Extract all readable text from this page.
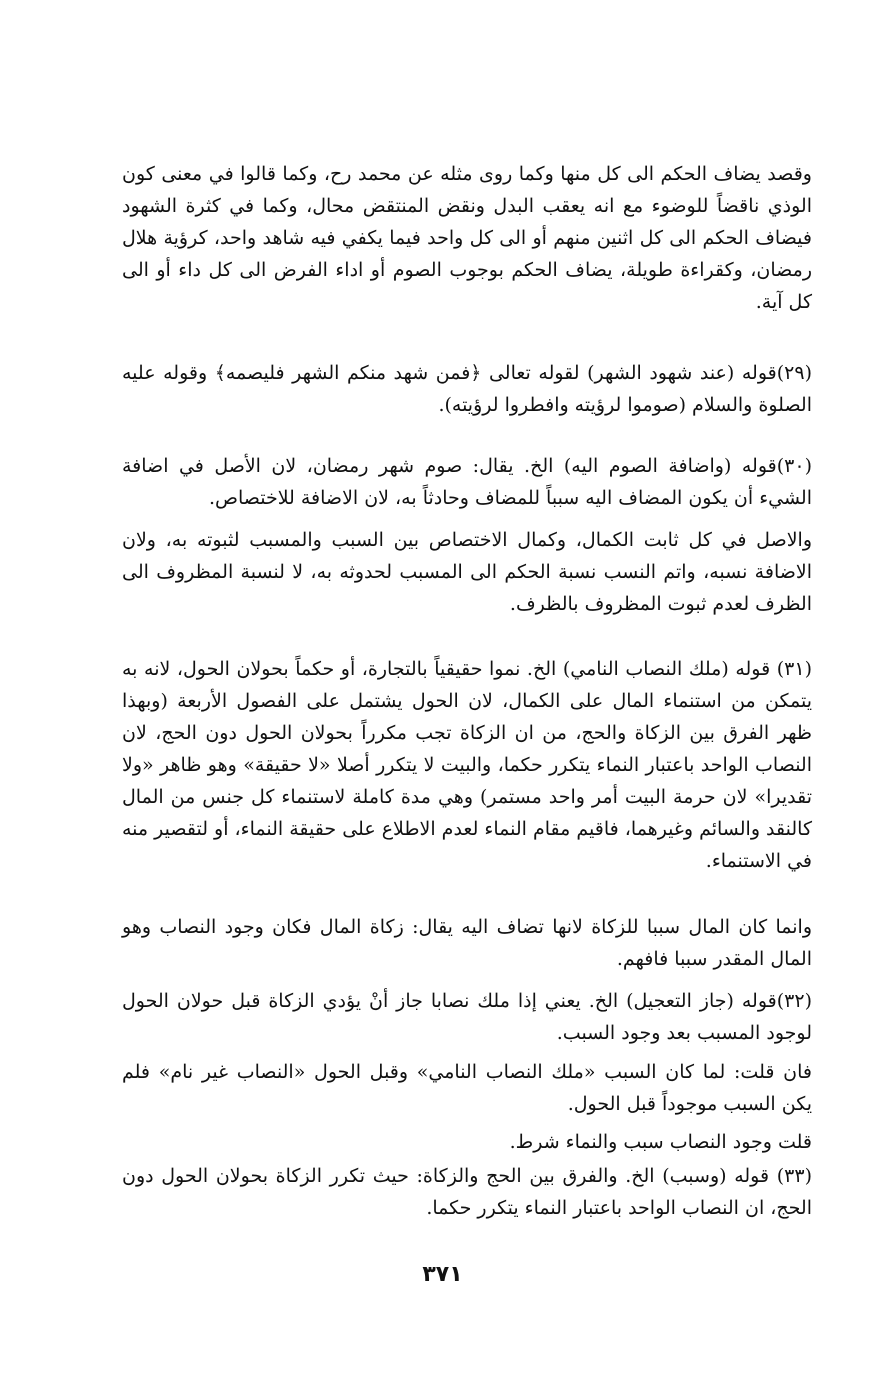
وقصد يضاف الحكم الى كل منها وكما روى مثله عن محمد رح، وكما قالوا في معنى كون الوذي ناقضاً للوضوء مع انه يعقب البدل ونقض المنتقض محال، وكما في كثرة الشهود فيضاف الحكم الى كل اثنين منهم أو الى كل واحد فيما يكفي فيه شاهد واحد، كرؤية هلال رمضان، وكقراءة طويلة، يضاف الحكم بوجوب الصوم أو اداء الفرض الى كل داء أو الى كل آية.

(٢٩)قوله (عند شهود الشهر) لقوله تعالى ﴿فمن شهد منكم الشهر فليصمه﴾ وقوله عليه الصلوة والسلام (صوموا لرؤيته وافطروا لرؤيته).

(٣٠)قوله (واضافة الصوم اليه) الخ. يقال: صوم شهر رمضان، لان الأصل في اضافة الشيء أن يكون المضاف اليه سبباً للمضاف وحادثاً به، لان الاضافة للاختصاص.

والاصل في كل ثابت الكمال، وكمال الاختصاص بين السبب والمسبب لثبوته به، ولان الاضافة نسبه، واتم النسب نسبة الحكم الى المسبب لحدوثه به، لا لنسبة المظروف الى الظرف لعدم ثبوت المظروف بالظرف.

(٣١) قوله (ملك النصاب النامي) الخ. نموا حقيقياً بالتجارة، أو حكماً بحولان الحول، لانه به يتمكن من استنماء المال على الكمال، لان الحول يشتمل على الفصول الأربعة (وبهذا ظهر الفرق بين الزكاة والحج، من ان الزكاة تجب مكرراً بحولان الحول دون الحج، لان النصاب الواحد باعتبار النماء يتكرر حكما، والبيت لا يتكرر أصلا «لا حقيقة» وهو ظاهر «ولا تقديرا» لان حرمة البيت أمر واحد مستمر) وهي مدة كاملة لاستنماء كل جنس من المال كالنقد والسائم وغيرهما، فاقيم مقام النماء لعدم الاطلاع على حقيقة النماء، أو لتقصير منه في الاستنماء.

وانما كان المال سببا للزكاة لانها تضاف اليه يقال: زكاة المال فكان وجود النصاب وهو المال المقدر سببا فافهم.

(٣٢)قوله (جاز التعجيل) الخ. يعني إذا ملك نصابا جاز أنْ يؤدي الزكاة قبل حولان الحول لوجود المسبب بعد وجود السبب.

فان قلت: لما كان السبب «ملك النصاب النامي» وقبل الحول «النصاب غير نام» فلم يكن السبب موجوداً قبل الحول.

قلت وجود النصاب سبب والنماء شرط.

(٣٣) قوله (وسبب) الخ. والفرق بين الحج والزكاة: حيث تكرر الزكاة بحولان الحول دون الحج، ان النصاب الواحد باعتبار النماء يتكرر حكما.

٣٧١
